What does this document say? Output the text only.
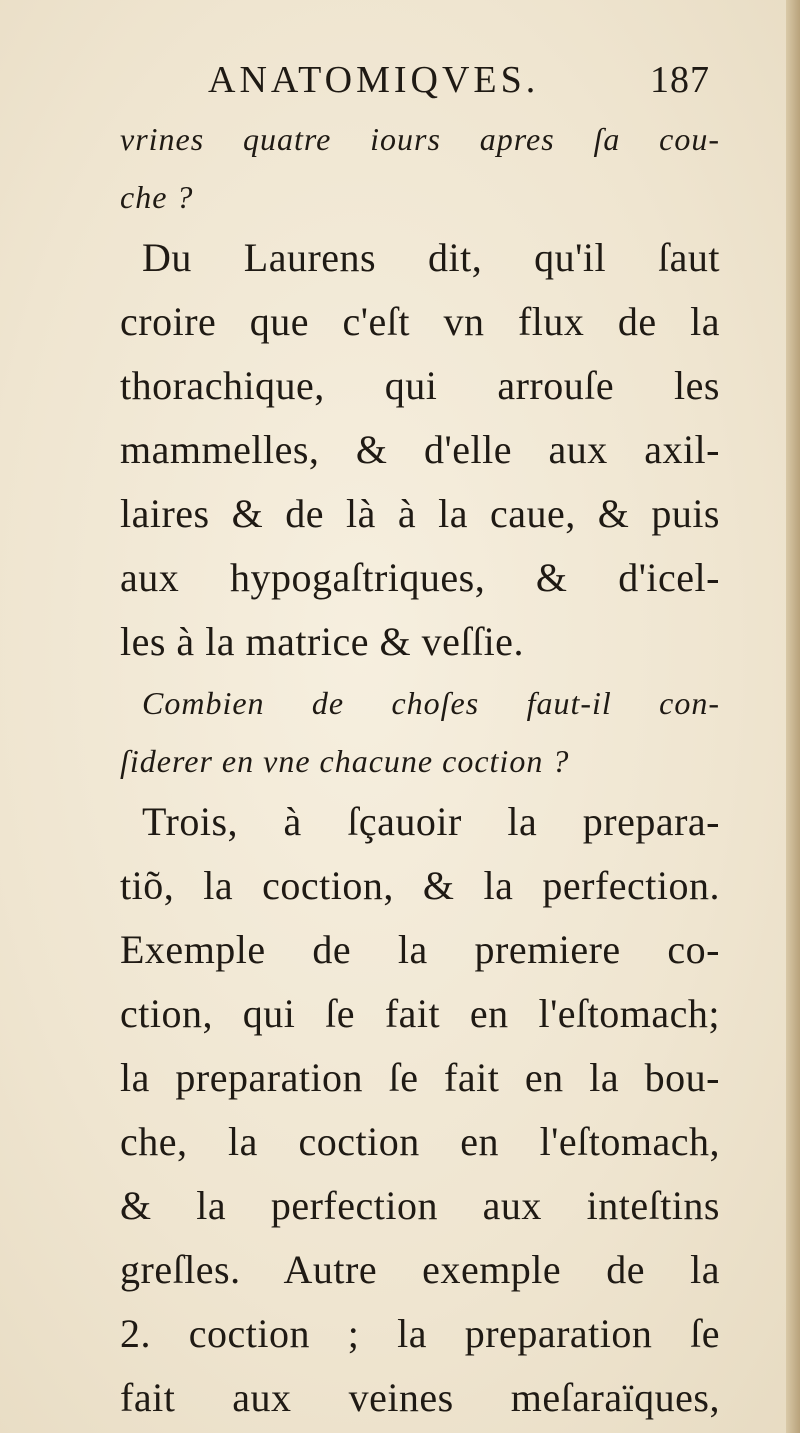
ANATOMIQVES.	187
vrines quatre iours apres ſa cou-
che ?
Du Laurens dit, qu'il ſaut
croire que c'eſt vn flux de la
thorachique, qui arrouſe les
mammelles, & d'elle aux axil-
laires & de là à la caue, & puis
aux hypogaſtriques, & d'icel-
les à la matrice & veſſie.
Combien de choſes faut-il con-
ſiderer en vne chacune coction ?
Trois, à ſçauoir la prepara-
tiõ, la coction, & la perfection.
Exemple de la premiere co-
ction, qui ſe fait en l'eſtomach;
la preparation ſe fait en la bou-
che, la coction en l'eſtomach,
& la perfection aux inteſtins
greſles. Autre exemple de la
2. coction ; la preparation ſe
fait aux veines meſaraïques,
